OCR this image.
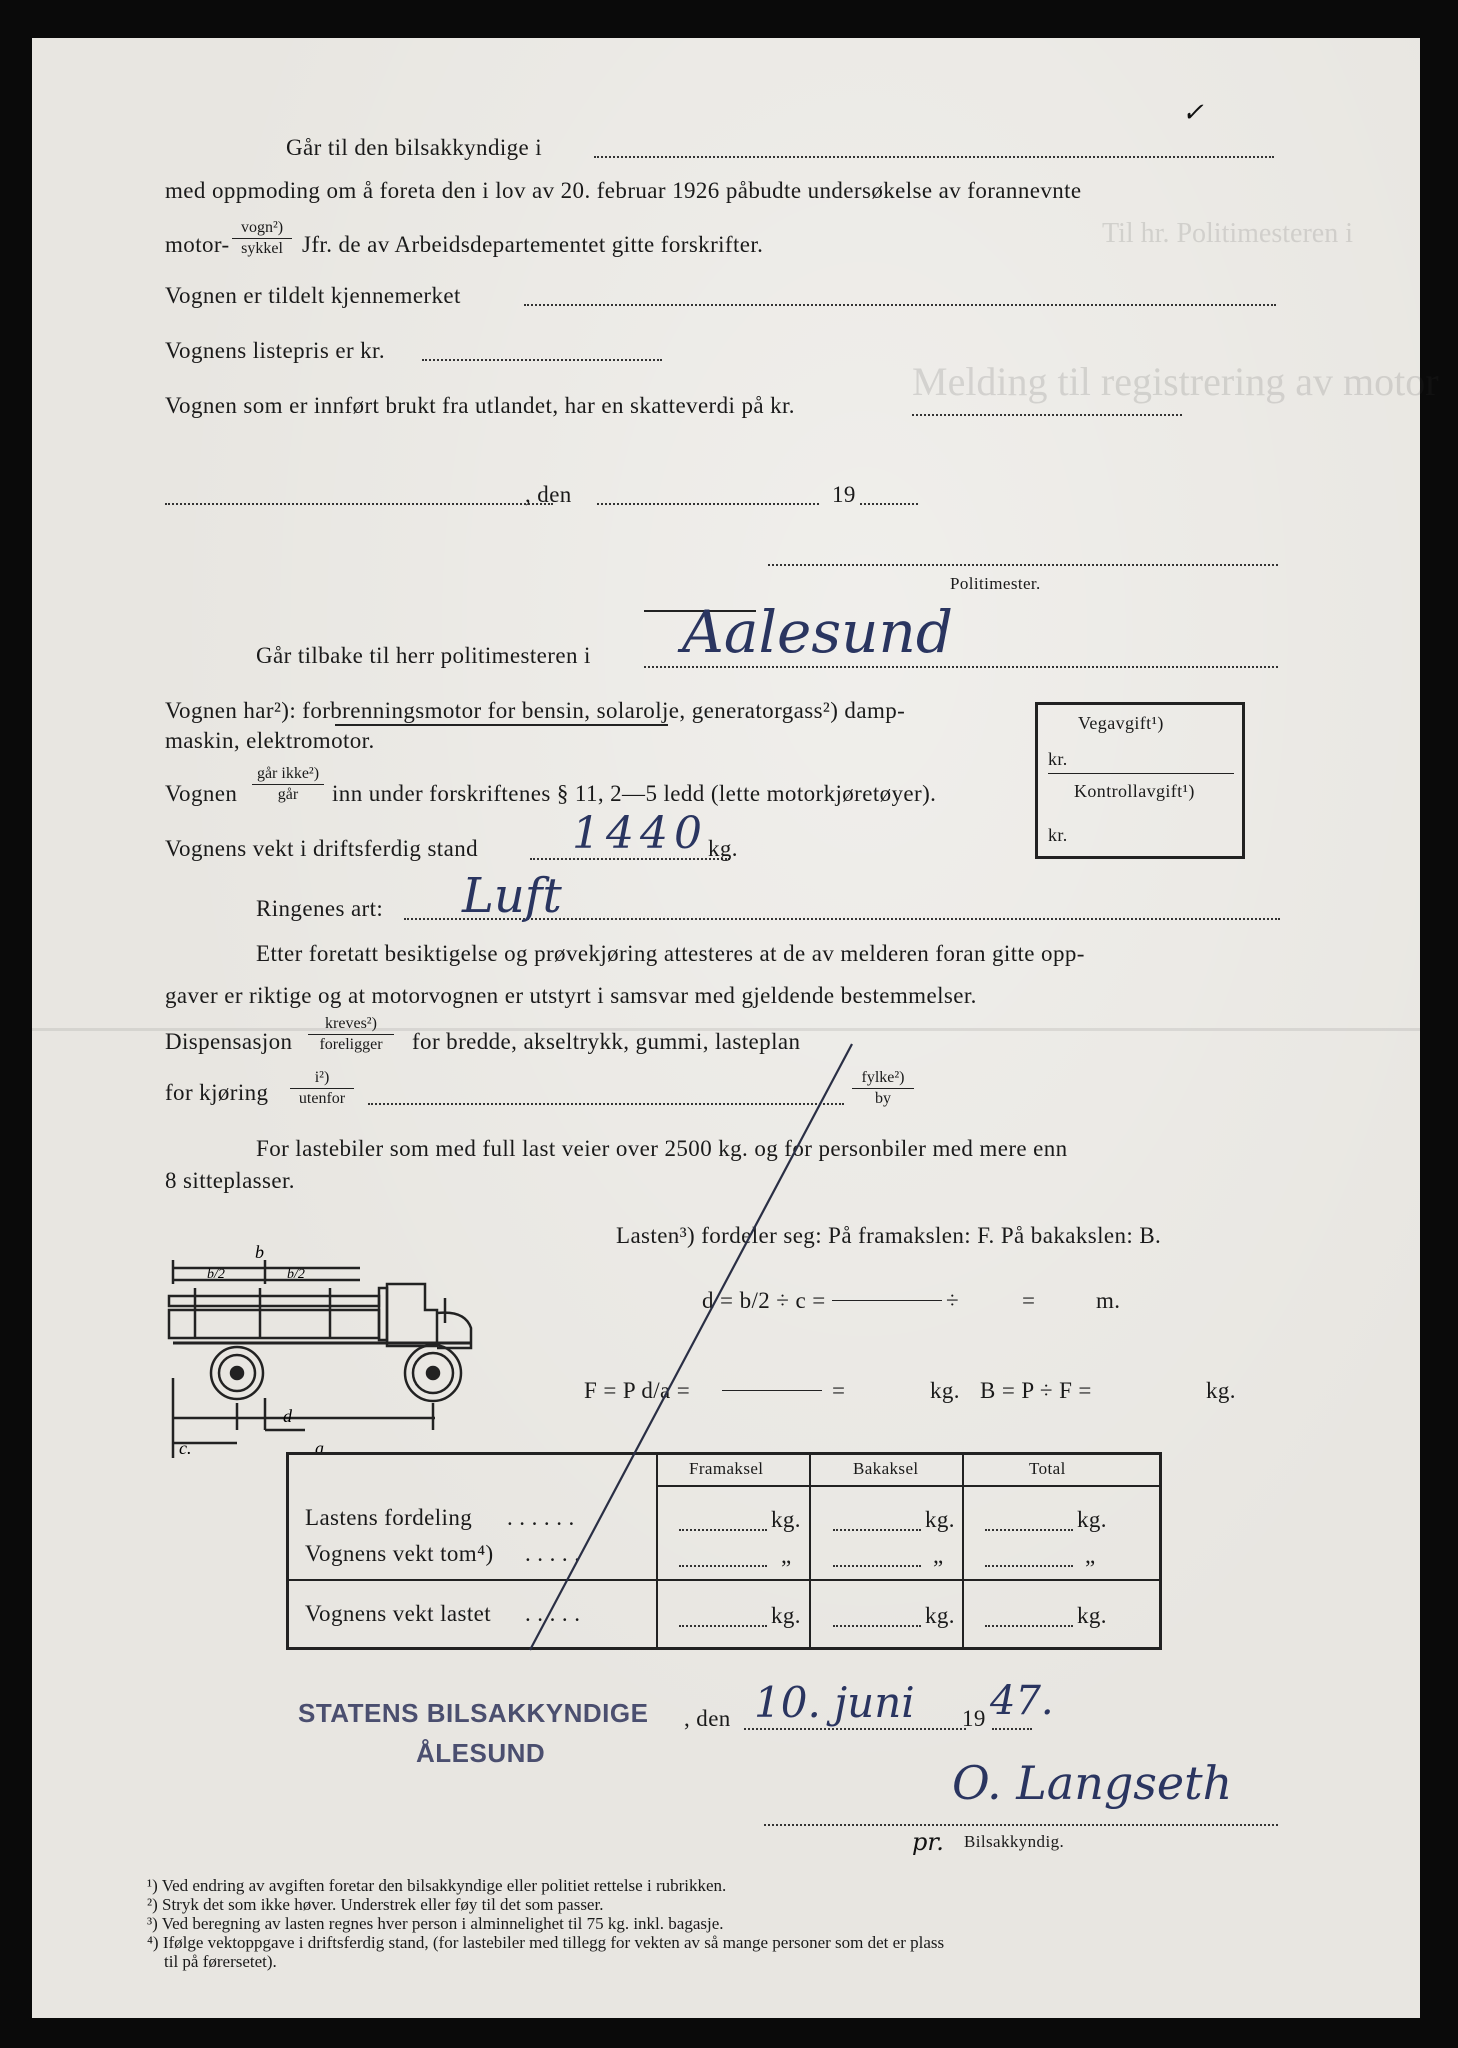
Til hr. Politimesteren i
Melding til registrering av motor
✓
Går til den bilsakkyndige i
med oppmoding om å foreta den i lov av 20. februar 1926 påbudte undersøkelse av forannevnte
motor-
vogn²)
sykkel Jfr. de av Arbeidsdepartementet gitte forskrifter.
Vognen er tildelt kjennemerket
Vognens listepris er kr.
Vognen som er innført brukt fra utlandet, har en skatteverdi på kr.
, den	19
Politimester.
Går tilbake til herr politimesteren i Aalesund
Vognen har²): forbrenningsmotor for bensin, solarolje, generatorgass²) damp-
maskin, elektromotor.
Vognen
går ikke²)
går	inn under forskriftenes § 11, 2—5 ledd (lette motorkjøretøyer).
Vognens vekt i driftsferdig stand 1440 kg.
Ringenes art: Luft
Etter foretatt besiktigelse og prøvekjøring attesteres at de av melderen foran gitte opp-
gaver er riktige og at motorvognen er utstyrt i samsvar med gjeldende bestemmelser.
Dispensasjon
kreves²)
foreligger	for bredde, akseltrykk, gummi, lasteplan
for kjøring
i²)
utenfor
fylke²)
by
For lastebiler som med full last veier over 2500 kg. og for personbiler med mere enn
8 sitteplasser.
Vegavgift¹)
kr.
Kontrollavgift¹)
kr.
b
b/2	b/2
d
c.	a
Lasten³) fordeler seg: På framakslen: F. På bakakslen: B.
d = b/2 ÷ c =	÷	=	m.
F = P d/a =	=	kg. B = P ÷ F =	kg.
Framaksel	Bakaksel	Total
Lastens fordeling . . . . . .	kg.	kg.	kg.
Vognens vekt tom⁴) . . . . .	„	„	„
Vognens vekt lastet . . . . .	kg.	kg.	kg.
STATENS BILSAKKYNDIGE
ÅLESUND
, den 10. juni 19 47.
O. Langseth
pr. Bilsakkyndig.
¹) Ved endring av avgiften foretar den bilsakkyndige eller politiet rettelse i rubrikken.
²) Stryk det som ikke høver. Understrek eller føy til det som passer.
³) Ved beregning av lasten regnes hver person i alminnelighet til 75 kg. inkl. bagasje.
⁴) Ifølge vektoppgave i driftsferdig stand, (for lastebiler med tillegg for vekten av så mange personer som det er plass
til på førersetet).
